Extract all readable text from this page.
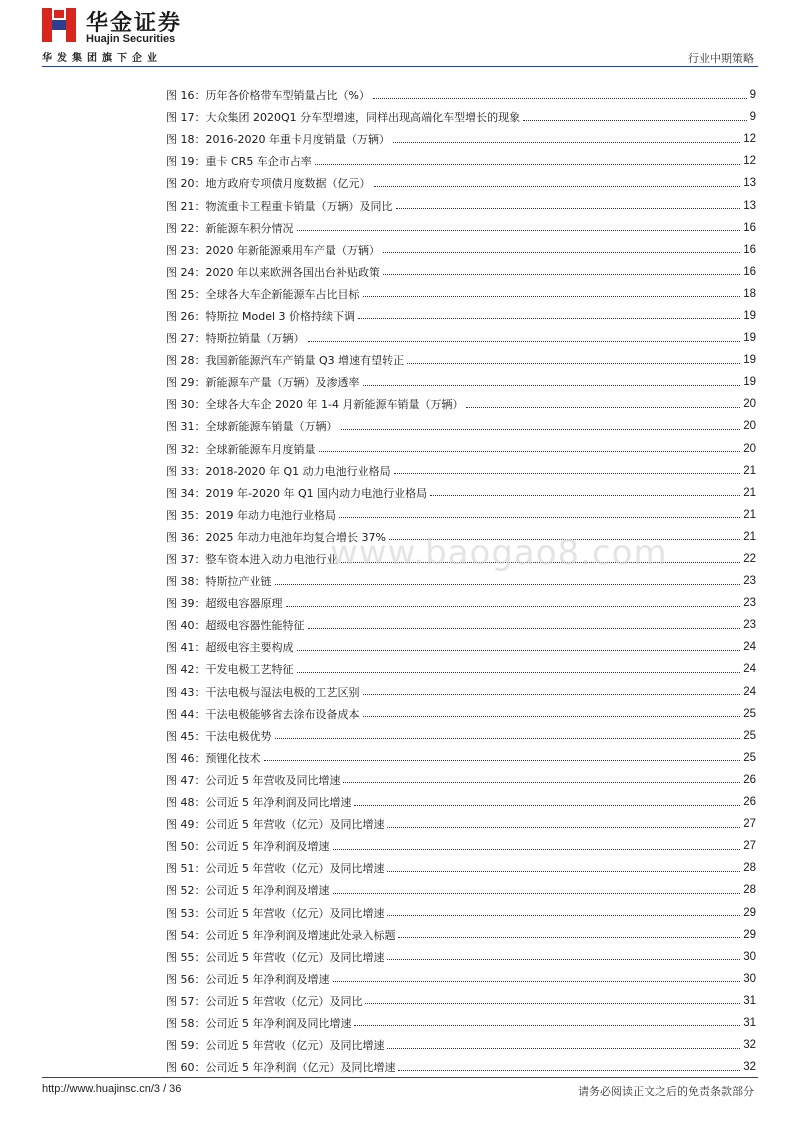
华金证券
Huajin Securities
华发集团旗下企业	行业中期策略
图 16：历年各价格带车型销量占比（%）	9
图 17：大众集团 2020Q1 分车型增速，同样出现高端化车型增长的现象	9
图 18：2016-2020 年重卡月度销量（万辆）	12
图 19：重卡 CR5 车企市占率	12
图 20：地方政府专项债月度数据（亿元）	13
图 21：物流重卡工程重卡销量（万辆）及同比	13
图 22：新能源车积分情况	16
图 23：2020 年新能源乘用车产量（万辆）	16
图 24：2020 年以来欧洲各国出台补贴政策	16
图 25：全球各大车企新能源车占比目标	18
图 26：特斯拉 Model 3 价格持续下调	19
图 27：特斯拉销量（万辆）	19
图 28：我国新能源汽车产销量 Q3 增速有望转正	19
图 29：新能源车产量（万辆）及渗透率	19
图 30：全球各大车企 2020 年 1-4 月新能源车销量（万辆）	20
图 31：全球新能源车销量（万辆）	20
图 32：全球新能源车月度销量	20
图 33：2018-2020 年 Q1 动力电池行业格局	21
图 34：2019 年-2020 年 Q1 国内动力电池行业格局	21
图 35：2019 年动力电池行业格局	21
图 36：2025 年动力电池年均复合增长 37%	21
图 37：整车资本进入动力电池行业	22
图 38：特斯拉产业链	23
图 39：超级电容器原理	23
图 40：超级电容器性能特征	23
图 41：超级电容主要构成	24
图 42：干发电极工艺特征	24
图 43：干法电极与湿法电极的工艺区别	24
图 44：干法电极能够省去涂布设备成本	25
图 45：干法电极优势	25
图 46：预锂化技术	25
图 47：公司近 5 年营收及同比增速	26
图 48：公司近 5 年净利润及同比增速	26
图 49：公司近 5 年营收（亿元）及同比增速	27
图 50：公司近 5 年净利润及增速	27
图 51：公司近 5 年营收（亿元）及同比增速	28
图 52：公司近 5 年净利润及增速	28
图 53：公司近 5 年营收（亿元）及同比增速	29
图 54：公司近 5 年净利润及增速此处录入标题	29
图 55：公司近 5 年营收（亿元）及同比增速	30
图 56：公司近 5 年净利润及增速	30
图 57：公司近 5 年营收（亿元）及同比	31
图 58：公司近 5 年净利润及同比增速	31
图 59：公司近 5 年营收（亿元）及同比增速	32
图 60：公司近 5 年净利润（亿元）及同比增速	32
www.baogao8.com
http://www.huajinsc.cn/3 / 36	请务必阅读正文之后的免责条款部分
